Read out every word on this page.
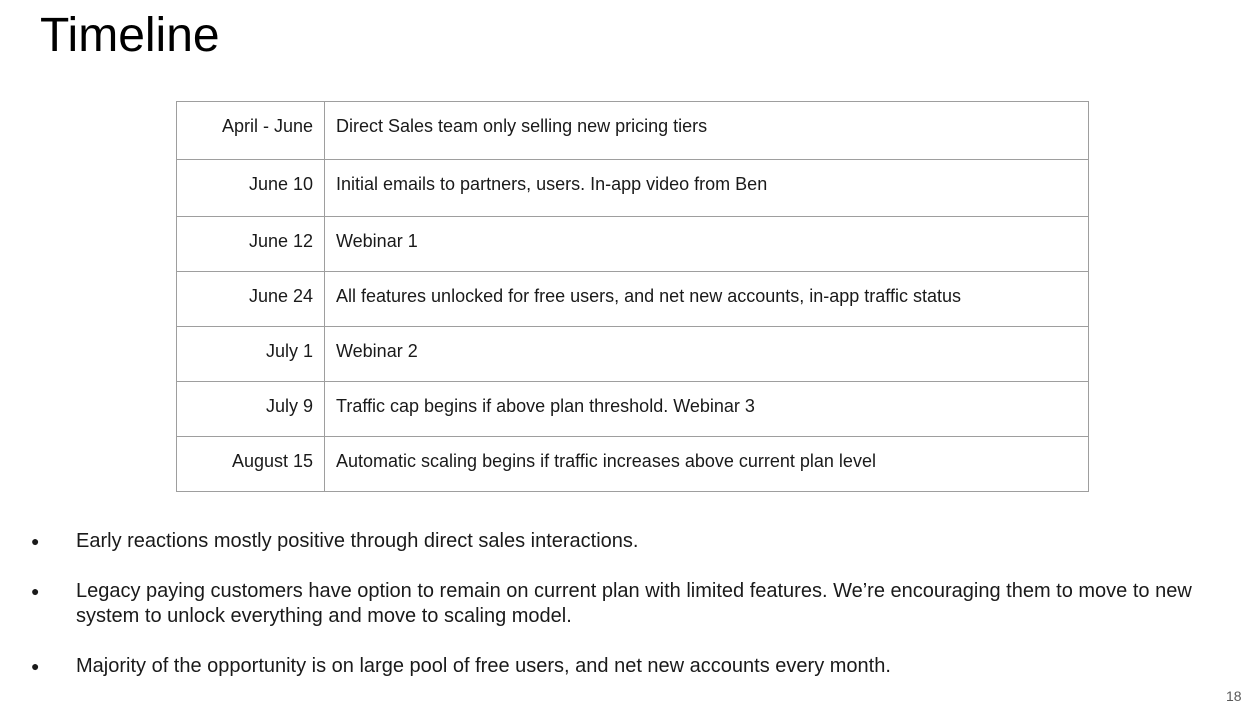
Timeline
April - June	Direct Sales team only selling new pricing tiers
June 10	Initial emails to partners, users. In-app video from Ben
June 12	Webinar 1
June 24	All features unlocked for free users, and net new accounts, in-app traffic status
July 1	Webinar 2
July 9	Traffic cap begins if above plan threshold. Webinar 3
August 15	Automatic scaling begins if traffic increases above current plan level
● Early reactions mostly positive through direct sales interactions.
● Legacy paying customers have option to remain on current plan with limited features. We’re encouraging them to move to new system to unlock everything and move to scaling model.
● Majority of the opportunity is on large pool of free users, and net new accounts every month.
18
